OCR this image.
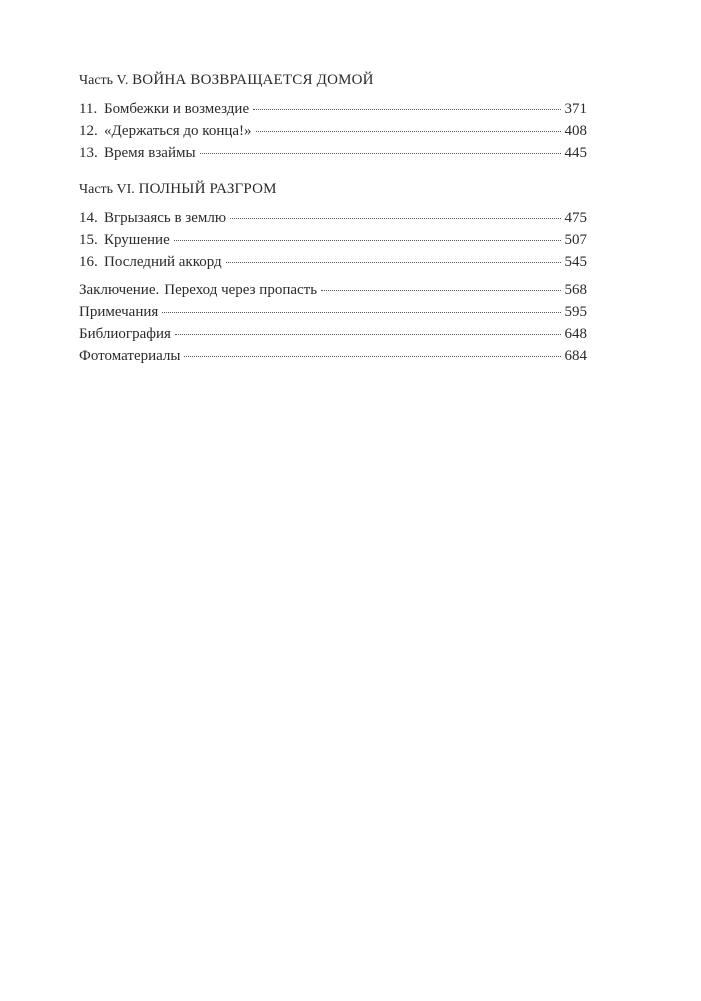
Часть V. ВОЙНА ВОЗВРАЩАЕТСЯ ДОМОЙ
11. Бомбежки и возмездие	371
12. «Держаться до конца!»	408
13. Время взаймы	445
Часть VI. ПОЛНЫЙ РАЗГРОМ
14. Вгрызаясь в землю	475
15. Крушение	507
16. Последний аккорд	545
Заключение. Переход через пропасть	568
Примечания	595
Библиография	648
Фотоматериалы	684
